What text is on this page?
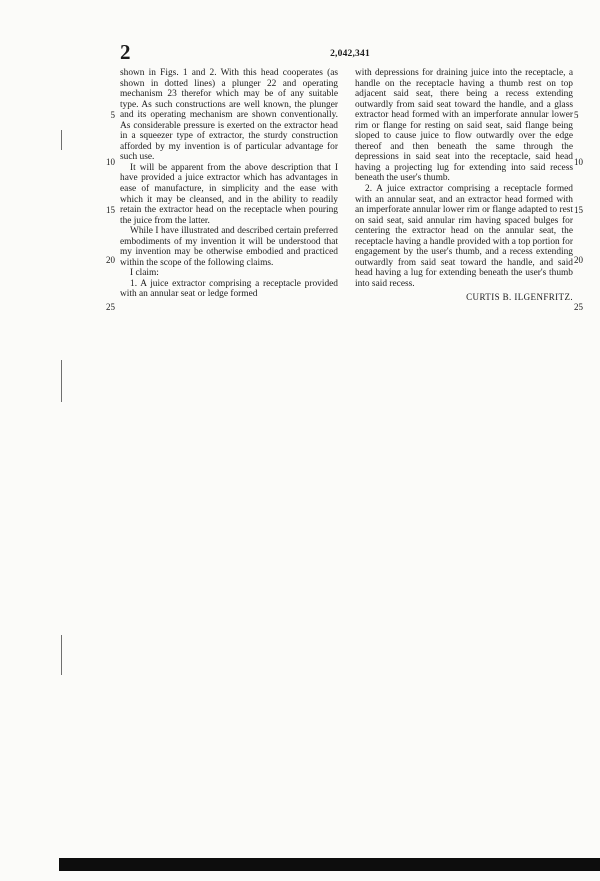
2	2,042,341

shown in Figs. 1 and 2. With this head cooperates (as shown in dotted lines) a plunger 22 and operating mechanism 23 therefor which may be of any suitable type. As such constructions are well known, the plunger and its operating mechanism are shown conventionally. As considerable pressure is exerted on the extractor head in a squeezer type of extractor, the sturdy construction afforded by my invention is of particular advantage for such use.

It will be apparent from the above description that I have provided a juice extractor which has advantages in ease of manufacture, in simplicity and the ease with which it may be cleansed, and in the ability to readily retain the extractor head on the receptacle when pouring the juice from the latter.

While I have illustrated and described certain preferred embodiments of my invention it will be understood that my invention may be otherwise embodied and practiced within the scope of the following claims.

I claim:

1. A juice extractor comprising a receptacle provided with an annular seat or ledge formed

with depressions for draining juice into the receptacle, a handle on the receptacle having a thumb rest on top adjacent said seat, there being a recess extending outwardly from said seat toward the handle, and a glass extractor head formed with an imperforate annular lower rim or flange for resting on said seat, said flange being sloped to cause juice to flow outwardly over the edge thereof and then beneath the same through the depressions in said seat into the receptacle, said head having a projecting lug for extending into said recess beneath the user's thumb.

2. A juice extractor comprising a receptacle formed with an annular seat, and an extractor head formed with an imperforate annular lower rim or flange adapted to rest on said seat, said annular rim having spaced bulges for centering the extractor head on the annular seat, the receptacle having a handle provided with a top portion for engagement by the user's thumb, and a recess extending outwardly from said seat toward the handle, and said head having a lug for extending beneath the user's thumb into said recess.

CURTIS B. ILGENFRITZ.
5
10
15
20
25
5
10
15
20
25
